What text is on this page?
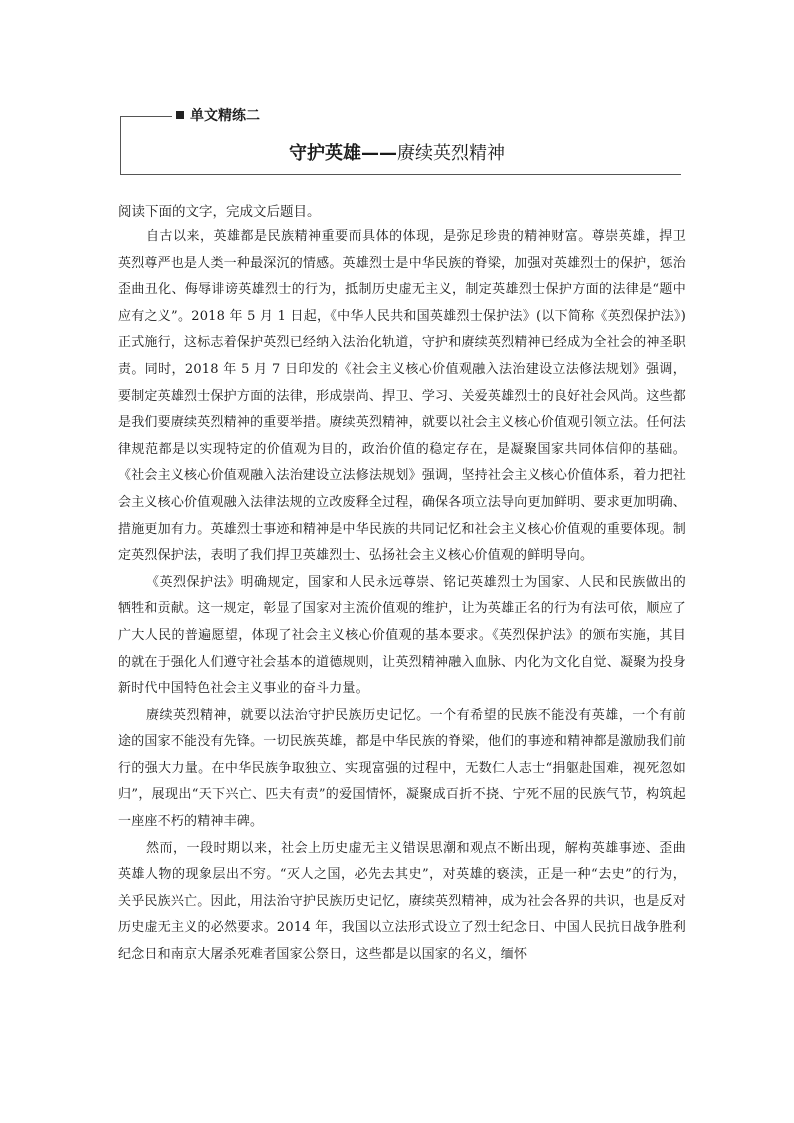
单文精练二
守护英雄——赓续英烈精神
阅读下面的文字，完成文后题目。

自古以来，英雄都是民族精神重要而具体的体现，是弥足珍贵的精神财富。尊崇英雄，捍卫英烈尊严也是人类一种最深沉的情感。英雄烈士是中华民族的脊梁，加强对英雄烈士的保护，惩治歪曲丑化、侮辱诽谤英雄烈士的行为，抵制历史虚无主义，制定英雄烈士保护方面的法律是“题中应有之义”。2018 年 5 月 1 日起，《中华人民共和国英雄烈士保护法》(以下简称《英烈保护法》)正式施行，这标志着保护英烈已经纳入法治化轨道，守护和赓续英烈精神已经成为全社会的神圣职责。同时，2018 年 5 月 7 日印发的《社会主义核心价值观融入法治建设立法修法规划》强调，要制定英雄烈士保护方面的法律，形成崇尚、捍卫、学习、关爱英雄烈士的良好社会风尚。这些都是我们要赓续英烈精神的重要举措。赓续英烈精神，就要以社会主义核心价值观引领立法。任何法律规范都是以实现特定的价值观为目的，政治价值的稳定存在，是凝聚国家共同体信仰的基础。《社会主义核心价值观融入法治建设立法修法规划》强调，坚持社会主义核心价值体系，着力把社会主义核心价值观融入法律法规的立改废释全过程，确保各项立法导向更加鲜明、要求更加明确、措施更加有力。英雄烈士事迹和精神是中华民族的共同记忆和社会主义核心价值观的重要体现。制定英烈保护法，表明了我们捍卫英雄烈士、弘扬社会主义核心价值观的鲜明导向。

《英烈保护法》明确规定，国家和人民永远尊崇、铭记英雄烈士为国家、人民和民族做出的牺牲和贡献。这一规定，彰显了国家对主流价值观的维护，让为英雄正名的行为有法可依，顺应了广大人民的普遍愿望，体现了社会主义核心价值观的基本要求。《英烈保护法》的颁布实施，其目的就在于强化人们遵守社会基本的道德规则，让英烈精神融入血脉、内化为文化自觉、凝聚为投身新时代中国特色社会主义事业的奋斗力量。

赓续英烈精神，就要以法治守护民族历史记忆。一个有希望的民族不能没有英雄，一个有前途的国家不能没有先锋。一切民族英雄，都是中华民族的脊梁，他们的事迹和精神都是激励我们前行的强大力量。在中华民族争取独立、实现富强的过程中，无数仁人志士“捐躯赴国难，视死忽如归”，展现出“天下兴亡、匹夫有责”的爱国情怀，凝聚成百折不挠、宁死不屈的民族气节，构筑起一座座不朽的精神丰碑。

然而，一段时期以来，社会上历史虚无主义错误思潮和观点不断出现，解构英雄事迹、歪曲英雄人物的现象层出不穷。“灭人之国，必先去其史”，对英雄的亵渎，正是一种“去史”的行为，关乎民族兴亡。因此，用法治守护民族历史记忆，赓续英烈精神，成为社会各界的共识，也是反对历史虚无主义的必然要求。2014 年，我国以立法形式设立了烈士纪念日、中国人民抗日战争胜利纪念日和南京大屠杀死难者国家公祭日，这些都是以国家的名义，缅怀
